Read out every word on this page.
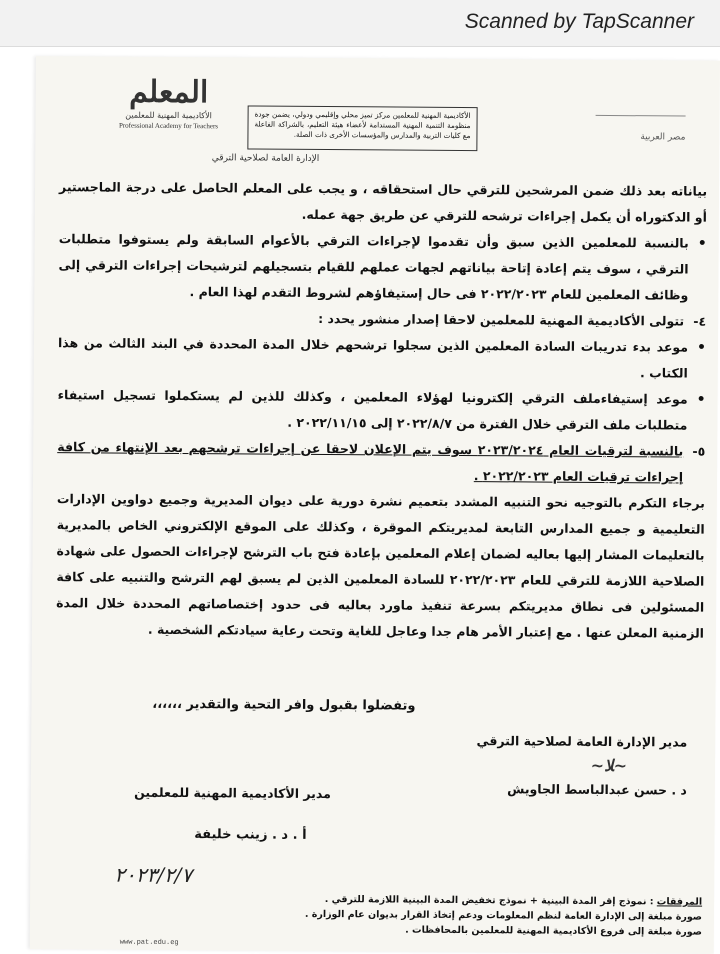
Scanned by TapScanner
المعلم
الأكاديمية المهنية للمعلمين
Professional Academy for Teachers
الأكاديمية المهنية للمعلمين مركز تميز محلي وإقليمي ودولي، يضمن جودة منظومة التنمية المهنية المستدامة لأعضاء هيئة التعليم، بالشراكة الفاعلة مع كليات التربية والمدارس والمؤسسات الأخرى ذات الصلة.	مصر العربية
الإدارة العامة لصلاحية الترقي

بياناته بعد ذلك ضمن المرشحين للترقي حال استحقاقه ، و يجب على المعلم الحاصل على درجة الماجستير أو الدكتوراه أن يكمل إجراءات ترشحه للترقي عن طريق جهة عمله.

• بالنسبة للمعلمين الذين سبق وأن تقدموا لإجراءات الترقي بالأعوام السابقة ولم يستوفوا متطلبات الترقي ، سوف يتم إعادة إتاحة بياناتهم لجهات عملهم للقيام بتسجيلهم لترشيحات إجراءات الترقي إلى وظائف المعلمين للعام ٢٠٢٢/٢٠٢٣ فى حال إستيفاؤهم لشروط التقدم لهذا العام .

٤-
تتولى الأكاديمية المهنية للمعلمين لاحقا إصدار منشور يحدد :

• موعد بدء تدريبات السادة المعلمين الذين سجلوا ترشحهم خلال المدة المحددة في البند الثالث من هذا الكتاب .

• موعد إستيفاءملف الترقي إلكترونيا لهؤلاء المعلمين ، وكذلك للذين لم يستكملوا تسجيل استيفاء متطلبات ملف الترقي خلال الفترة من ٢٠٢٢/٨/٧ إلى ٢٠٢٢/١١/١٥ .

٥-
بالنسبة لترقيات العام ٢٠٢٣/٢٠٢٤ سوف يتم الإعلان لاحقا عن إجراءات ترشحهم بعد الإنتهاء من كافة إجراءات ترقيات العام ٢٠٢٢/٢٠٢٣ .

برجاء التكرم بالتوجيه نحو التنبيه المشدد بتعميم نشرة دورية على ديوان المديرية وجميع دواوين الإدارات التعليمية و جميع المدارس التابعة لمديريتكم الموقرة ، وكذلك على الموقع الإلكتروني الخاص بالمديرية بالتعليمات المشار إليها بعاليه لضمان إعلام المعلمين بإعادة فتح باب الترشح لإجراءات الحصول على شهادة الصلاحية اللازمة للترقي للعام ٢٠٢٢/٢٠٢٣ للسادة المعلمين الذين لم يسبق لهم الترشح والتنبيه على كافة المسئولين فى نطاق مديريتكم بسرعة تنفيذ ماورد بعاليه فى حدود إختصاصاتهم المحددة خلال المدة الزمنية المعلن عنها . مع إعتبار الأمر هام جدا وعاجل للغاية وتحت رعاية سيادتكم الشخصية .

وتفضلوا بقبول وافر التحية والتقدير ،،،،،،
مدير الإدارة العامة لصلاحية الترقي
~ﻼ~
د . حسن عبدالباسط الجاويش
مدير الأكاديمية المهنية للمعلمين
أ . د . زينب خليفة
٢٠٢٣/٢/٧
المرفقات : نموذج إقر المدة البينية + نموذج تخفيض المدة البينية اللازمة للترقي .
صورة مبلغة إلى الإدارة العامة لنظم المعلومات ودعم إتخاذ القرار بديوان عام الوزارة .
صورة مبلغة إلى فروع الأكاديمية المهنية للمعلمين بالمحافظات .
www.pat.edu.eg
